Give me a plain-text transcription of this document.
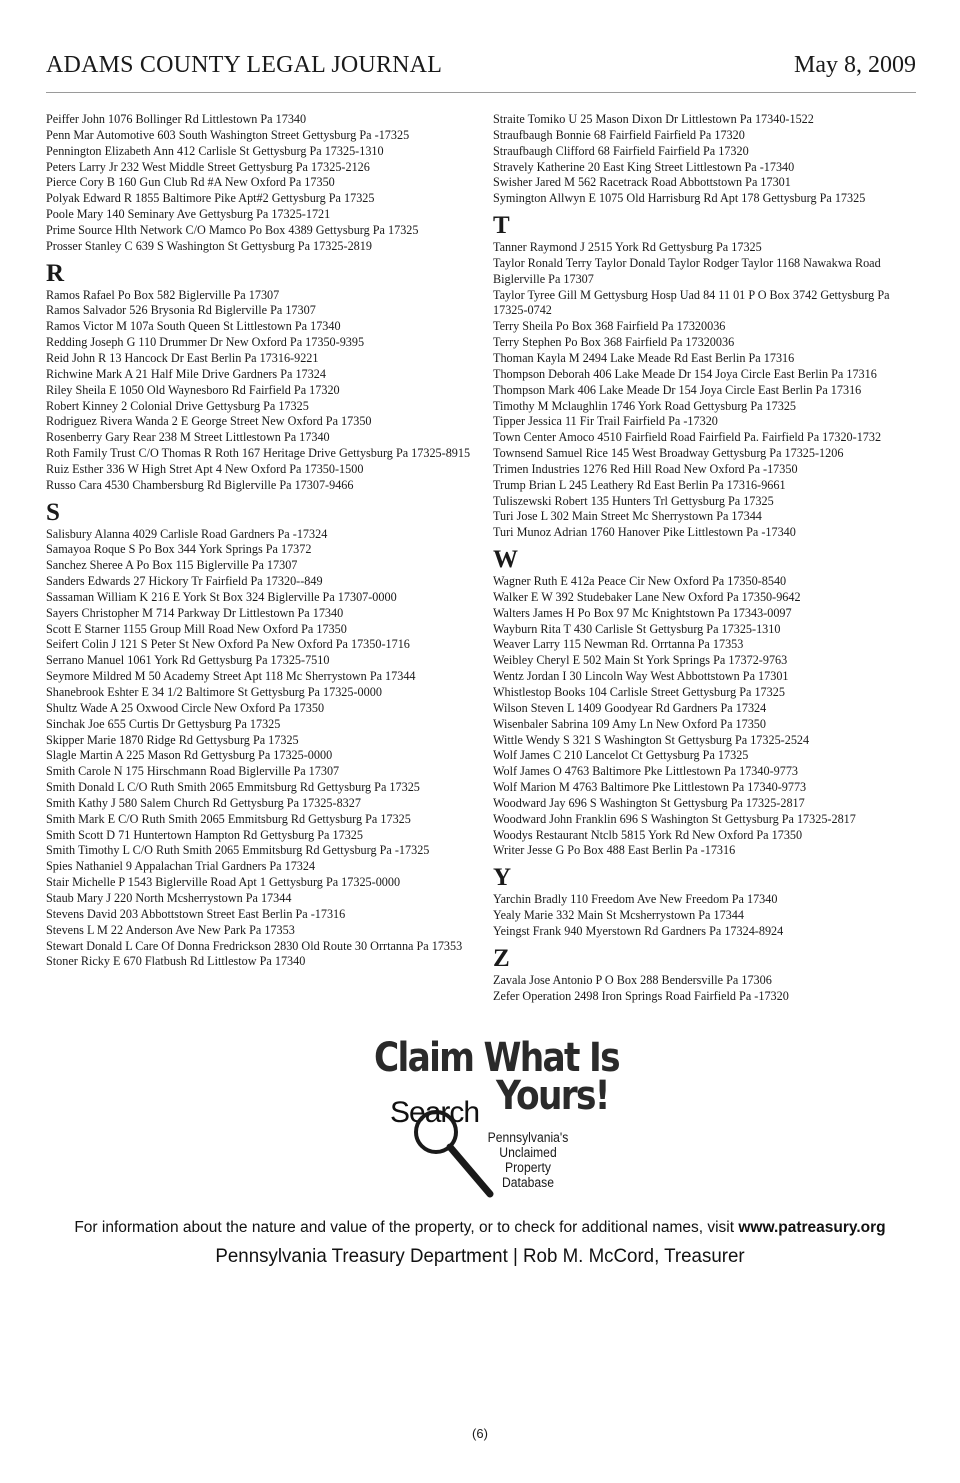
ADAMS COUNTY LEGAL JOURNAL	May 8, 2009
Peiffer John 1076 Bollinger Rd Littlestown Pa 17340
Penn Mar Automotive 603 South Washington Street Gettysburg Pa -17325
Pennington Elizabeth Ann 412 Carlisle St Gettysburg Pa 17325-1310
Peters Larry Jr 232 West Middle Street Gettysburg Pa 17325-2126
Pierce Cory B 160 Gun Club Rd #A New Oxford Pa 17350
Polyak Edward R 1855 Baltimore Pike Apt#2 Gettysburg Pa 17325
Poole Mary 140 Seminary Ave Gettysburg Pa 17325-1721
Prime Source Hlth Network C/O Mamco Po Box 4389 Gettysburg Pa 17325
Prosser Stanley C 639 S Washington St Gettysburg Pa 17325-2819
R
Ramos Rafael Po Box 582 Biglerville Pa 17307
Ramos Salvador 526 Brysonia Rd Biglerville Pa 17307
Ramos Victor M 107a South Queen St Littlestown Pa 17340
Redding Joseph G 110 Drummer Dr New Oxford Pa 17350-9395
Reid John R 13 Hancock Dr East Berlin Pa 17316-9221
Richwine Mark A 21 Half Mile Drive Gardners Pa 17324
Riley Sheila E 1050 Old Waynesboro Rd Fairfield Pa 17320
Robert Kinney 2 Colonial Drive Gettysburg Pa 17325
Rodriguez Rivera Wanda 2 E George Street New Oxford Pa 17350
Rosenberry Gary Rear 238 M Street Littlestown Pa 17340
Roth Family Trust C/O Thomas R Roth 167 Heritage Drive Gettysburg Pa 17325-8915
Ruiz Esther 336 W High Stret Apt 4 New Oxford Pa 17350-1500
Russo Cara 4530 Chambersburg Rd Biglerville Pa 17307-9466
S
Salisbury Alanna 4029 Carlisle Road Gardners Pa -17324
Samayoa Roque S Po Box 344 York Springs Pa 17372
Sanchez Sheree A Po Box 115 Biglerville Pa 17307
Sanders Edwards 27 Hickory Tr Fairfield Pa 17320--849
Sassaman William K 216 E York St Box 324 Biglerville Pa 17307-0000
Sayers Christopher M 714 Parkway Dr Littlestown Pa 17340
Scott E Starner 1155 Group Mill Road New Oxford Pa 17350
Seifert Colin J 121 S Peter St New Oxford Pa New Oxford Pa 17350-1716
Serrano Manuel 1061 York Rd Gettysburg Pa 17325-7510
Seymore Mildred M 50 Academy Street Apt 118 Mc Sherrystown Pa 17344
Shanebrook Eshter E 34 1/2 Baltimore St Gettysburg Pa 17325-0000
Shultz Wade A 25 Oxwood Circle New Oxford Pa 17350
Sinchak Joe 655 Curtis Dr Gettysburg Pa 17325
Skipper Marie 1870 Ridge Rd Gettysburg Pa 17325
Slagle Martin A 225 Mason Rd Gettysburg Pa 17325-0000
Smith Carole N 175 Hirschmann Road Biglerville Pa 17307
Smith Donald L C/O Ruth Smith 2065 Emmitsburg Rd Gettysburg Pa 17325
Smith Kathy J 580 Salem Church Rd Gettysburg Pa 17325-8327
Smith Mark E C/O Ruth Smith 2065 Emmitsburg Rd Gettysburg Pa 17325
Smith Scott D 71 Huntertown Hampton Rd Gettysburg Pa 17325
Smith Timothy L C/O Ruth Smith 2065 Emmitsburg Rd Gettysburg Pa -17325
Spies Nathaniel 9 Appalachan Trial Gardners Pa 17324
Stair Michelle P 1543 Biglerville Road Apt 1 Gettysburg Pa 17325-0000
Staub Mary J 220 North Mcsherrystown Pa 17344
Stevens David 203 Abbottstown Street East Berlin Pa -17316
Stevens L M 22 Anderson Ave New Park Pa 17353
Stewart Donald L Care Of Donna Fredrickson 2830 Old Route 30 Orrtanna Pa 17353
Stoner Ricky E 670 Flatbush Rd Littlestow Pa 17340
Straite Tomiko U 25 Mason Dixon Dr Littlestown Pa 17340-1522
Straufbaugh Bonnie 68 Fairfield Fairfield Pa 17320
Straufbaugh Clifford 68 Fairfield Fairfield Pa 17320
Stravely Katherine 20 East King Street Littlestown Pa -17340
Swisher Jared M 562 Racetrack Road Abbottstown Pa 17301
Symington Allwyn E 1075 Old Harrisburg Rd Apt 178 Gettysburg Pa 17325
T
Tanner Raymond J 2515 York Rd Gettysburg Pa 17325
Taylor Ronald Terry Taylor Donald Taylor Rodger Taylor 1168 Nawakwa Road Biglerville Pa 17307
Taylor Tyree Gill M Gettysburg Hosp Uad 84 11 01 P O Box 3742 Gettysburg Pa 17325-0742
Terry Sheila Po Box 368 Fairfield Pa 17320036
Terry Stephen Po Box 368 Fairfield Pa 17320036
Thoman Kayla M 2494 Lake Meade Rd East Berlin Pa 17316
Thompson Deborah 406 Lake Meade Dr 154 Joya Circle East Berlin Pa 17316
Thompson Mark 406 Lake Meade Dr 154 Joya Circle East Berlin Pa 17316
Timothy M Mclaughlin 1746 York Road Gettysburg Pa 17325
Tipper Jessica 11 Fir Trail Fairfield Pa -17320
Town Center Amoco 4510 Fairfield Road Fairfield Pa. Fairfield Pa 17320-1732
Townsend Samuel Rice 145 West Broadway Gettysburg Pa 17325-1206
Trimen Industries 1276 Red Hill Road New Oxford Pa -17350
Trump Brian L 245 Leathery Rd East Berlin Pa 17316-9661
Tuliszewski Robert 135 Hunters Trl Gettysburg Pa 17325
Turi Jose L 302 Main Street Mc Sherrystown Pa 17344
Turi Munoz Adrian 1760 Hanover Pike Littlestown Pa -17340
W
Wagner Ruth E 412a Peace Cir New Oxford Pa 17350-8540
Walker E W 392 Studebaker Lane New Oxford Pa 17350-9642
Walters James H Po Box 97 Mc Knightstown Pa 17343-0097
Wayburn Rita T 430 Carlisle St Gettysburg Pa 17325-1310
Weaver Larry 115 Newman Rd. Orrtanna Pa 17353
Weibley Cheryl E 502 Main St York Springs Pa 17372-9763
Wentz Jordan I 30 Lincoln Way West Abbottstown Pa 17301
Whistlestop Books 104 Carlisle Street Gettysburg Pa 17325
Wilson Steven L 1409 Goodyear Rd Gardners Pa 17324
Wisenbaler Sabrina 109 Amy Ln New Oxford Pa 17350
Wittle Wendy S 321 S Washington St Gettysburg Pa 17325-2524
Wolf James C 210 Lancelot Ct Gettysburg Pa 17325
Wolf James O 4763 Baltimore Pke Littlestown Pa 17340-9773
Wolf Marion M 4763 Baltimore Pke Littlestown Pa 17340-9773
Woodward Jay 696 S Washington St Gettysburg Pa 17325-2817
Woodward John Franklin 696 S Washington St Gettysburg Pa 17325-2817
Woodys Restaurant Ntclb 5815 York Rd New Oxford Pa 17350
Writer Jesse G Po Box 488 East Berlin Pa -17316
Y
Yarchin Bradly 110 Freedom Ave New Freedom Pa 17340
Yealy Marie 332 Main St Mcsherrystown Pa 17344
Yeingst Frank 940 Myerstown Rd Gardners Pa 17324-8924
Z
Zavala Jose Antonio P O Box 288 Bendersville Pa 17306
Zefer Operation 2498 Iron Springs Road Fairfield Pa -17320
Claim What Is
Yours!
Search
Pennsylvania's
Unclaimed
Property
Database
For information about the nature and value of the property, or to check for additional names, visit www.patreasury.org
Pennsylvania Treasury Department | Rob M. McCord, Treasurer
(6)
